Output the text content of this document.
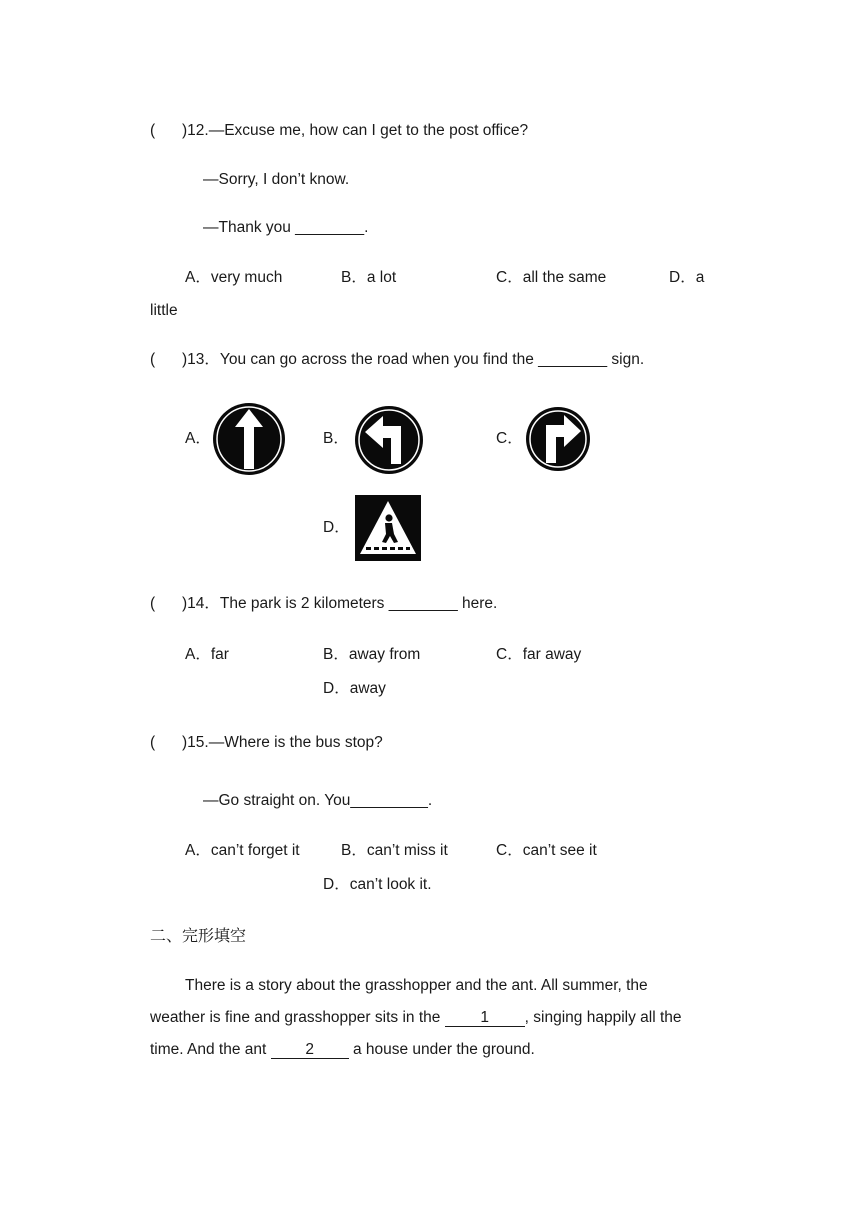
( )12.—Excuse me, how can I get to the post office?
—Sorry, I don’t know.
—Thank you ________.
A．very much	B．a lot	C．all the same	D．a
little
( )13．You can go across the road when you find the ________ sign.
A．	B．	C．
D．
( )14．The park is 2 kilometers ________ here.
A．far	B．away from	C．far away
D．away
( )15.—Where is the bus stop?
—Go straight on. You_________.
A．can’t forget it	B．can’t miss it	C．can’t see it
D．can’t look it.
二、完形填空
There is a story about the grasshopper and the ant. All summer, the
weather is fine and grasshopper sits in the 1 , singing happily all the
time. And the ant 2 a house under the ground.
